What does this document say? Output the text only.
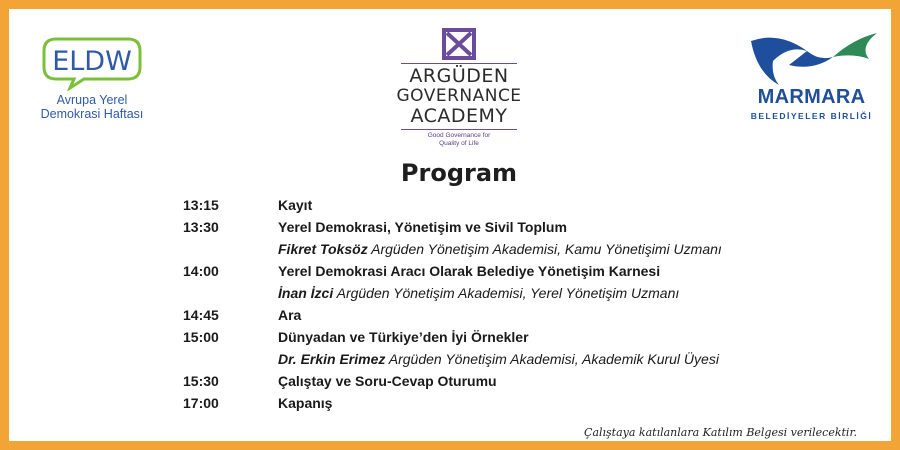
ELDW
Avrupa Yerel
Demokrasi Haftası
ARGÜDEN
GOVERNANCE
ACADEMY
Good Governance for
Quality of Life
MARMARA
BELEDİYELER BİRLİĞİ
Program
13:15	Kayıt
13:30	Yerel Demokrasi, Yönetişim ve Sivil Toplum
Fikret Toksöz Argüden Yönetişim Akademisi, Kamu Yönetişimi Uzmanı
14:00	Yerel Demokrasi Aracı Olarak Belediye Yönetişim Karnesi
İnan İzci Argüden Yönetişim Akademisi, Yerel Yönetişim Uzmanı
14:45	Ara
15:00	Dünyadan ve Türkiye’den İyi Örnekler
Dr. Erkin Erimez Argüden Yönetişim Akademisi, Akademik Kurul Üyesi
15:30	Çalıştay ve Soru-Cevap Oturumu
17:00	Kapanış
Çalıştaya katılanlara Katılım Belgesi verilecektir.
